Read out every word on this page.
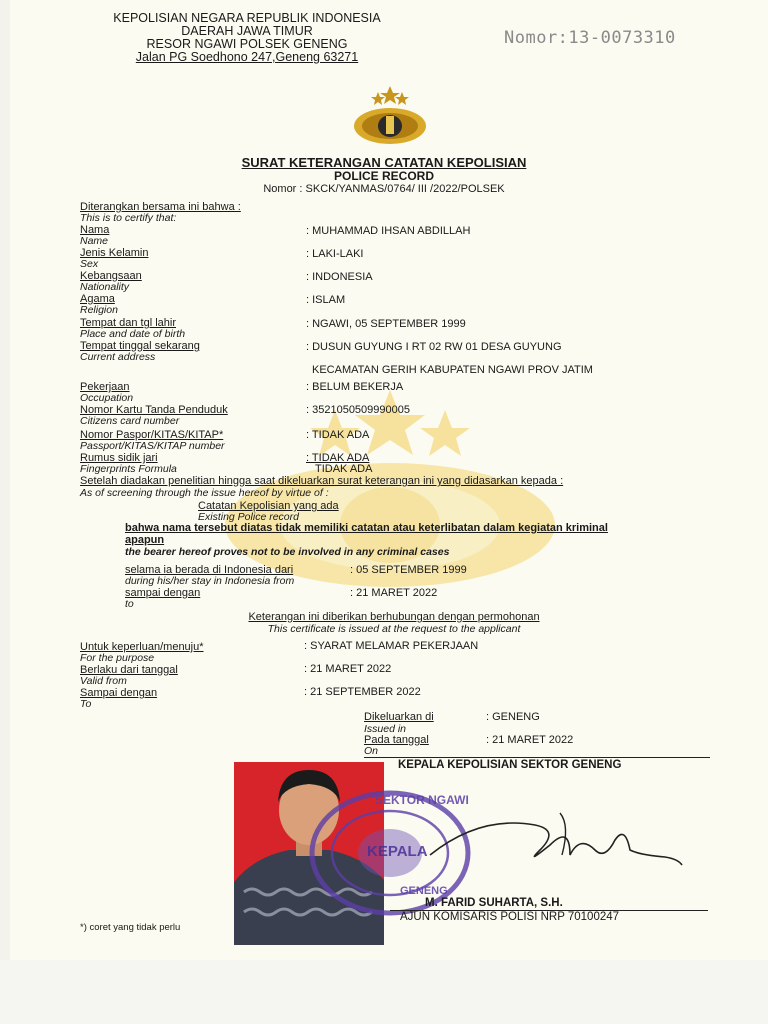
KEPOLISIAN NEGARA REPUBLIK INDONESIA
DAERAH JAWA TIMUR
RESOR NGAWI POLSEK GENENG
Jalan PG Soedhono 247,Geneng 63271
Nomor:13-0073310
SURAT KETERANGAN CATATAN KEPOLISIAN
POLICE RECORD
Nomor : SKCK/YANMAS/0764/ III /2022/POLSEK
Diterangkan bersama ini bahwa :
This is to certify that:
Nama
Name
: MUHAMMAD IHSAN ABDILLAH
Jenis Kelamin
Sex
: LAKI-LAKI
Kebangsaan
Nationality
: INDONESIA
Agama
Religion
: ISLAM
Tempat dan tgl lahir
Place and date of birth
: NGAWI, 05 SEPTEMBER 1999
Tempat tinggal sekarang
Current address
: DUSUN GUYUNG I RT 02 RW 01 DESA GUYUNG
KECAMATAN GERIH KABUPATEN NGAWI PROV JATIM
Pekerjaan
Occupation
: BELUM BEKERJA
Nomor Kartu Tanda Penduduk
Citizens card number
: 3521050509990005
Nomor Paspor/KITAS/KITAP*
Passport/KITAS/KITAP number
: TIDAK ADA
Rumus sidik jari
Fingerprints Formula
: TIDAK ADA
TIDAK ADA
Setelah diadakan penelitian hingga saat dikeluarkan surat keterangan ini yang didasarkan kepada :
As of screening through the issue hereof by virtue of :
Catatan Kepolisian yang ada
Existing Police record
bahwa nama tersebut diatas tidak memiliki catatan atau keterlibatan dalam kegiatan kriminal
apapun
the bearer hereof proves not to be involved in any criminal cases
selama ia berada di Indonesia dari
during his/her stay in Indonesia from
: 05 SEPTEMBER 1999
sampai dengan
to
: 21 MARET 2022
Keterangan ini diberikan berhubungan dengan permohonan
This certificate is issued at the request to the applicant
Untuk keperluan/menuju*
For the purpose
: SYARAT MELAMAR PEKERJAAN
Berlaku dari tanggal
Valid from
: 21 MARET 2022
Sampai dengan
To
: 21 SEPTEMBER 2022
Dikeluarkan di
Issued in
: GENENG
Pada tanggal
On
: 21 MARET 2022
KEPALA KEPOLISIAN SEKTOR GENENG
SEKTOR NGAWI
KEPALA
GENENG
M. FARID SUHARTA, S.H.
AJUN KOMISARIS POLISI NRP 70100247
*) coret yang tidak perlu
